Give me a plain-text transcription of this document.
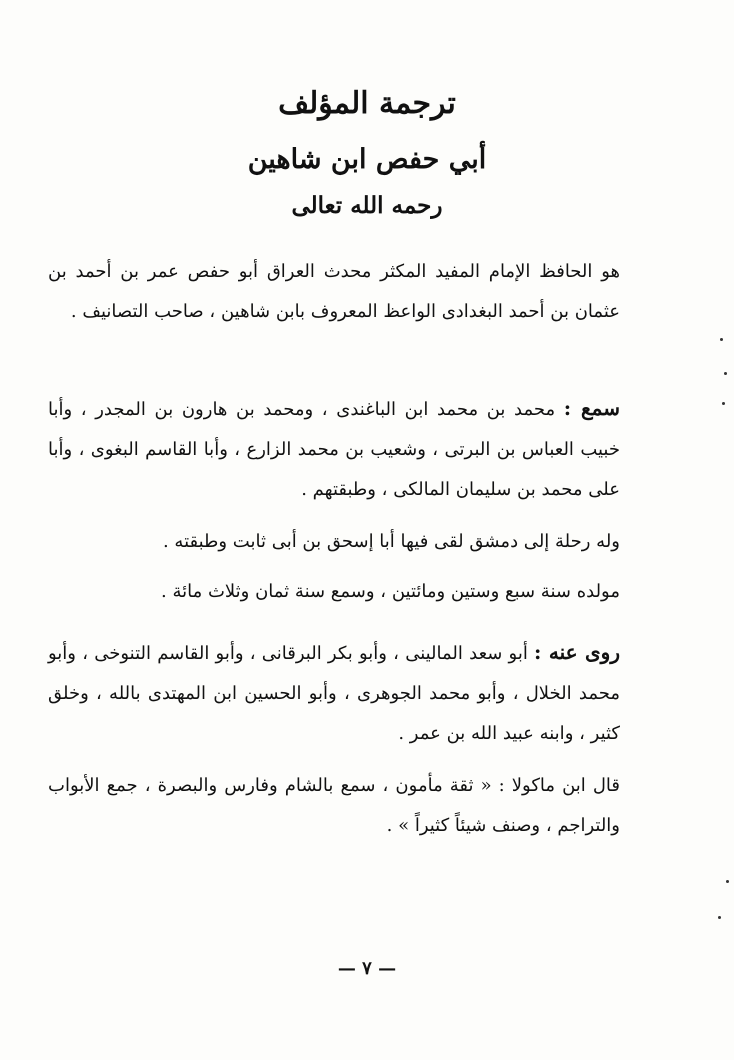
ترجمة المؤلف
أبي حفص ابن شاهين
رحمه الله تعالى

هو الحافظ الإمام المفيد المكثر محدث العراق أبو حفص عمر بن أحمد بن عثمان بن أحمد البغدادى الواعظ المعروف بابن شاهين ، صاحب التصانيف .

سمع : محمد بن محمد ابن الباغندى ، ومحمد بن هارون بن المجدر ، وأبا خبيب العباس بن البرتى ، وشعيب بن محمد الزارع ، وأبا القاسم البغوى ، وأبا على محمد بن سليمان المالكى ، وطبقتهم .

وله رحلة إلى دمشق لقى فيها أبا إسحق بن أبى ثابت وطبقته .

مولده سنة سبع وستين ومائتين ، وسمع سنة ثمان وثلاث مائة .

روى عنه : أبو سعد المالينى ، وأبو بكر البرقانى ، وأبو القاسم التنوخى ، وأبو محمد الخلال ، وأبو محمد الجوهرى ، وأبو الحسين ابن المهتدى بالله ، وخلق كثير ، وابنه عبيد الله بن عمر .

قال ابن ماكولا : « ثقة مأمون ، سمع بالشام وفارس والبصرة ، جمع الأبواب والتراجم ، وصنف شيئاً كثيراً » .

— ٧ —
